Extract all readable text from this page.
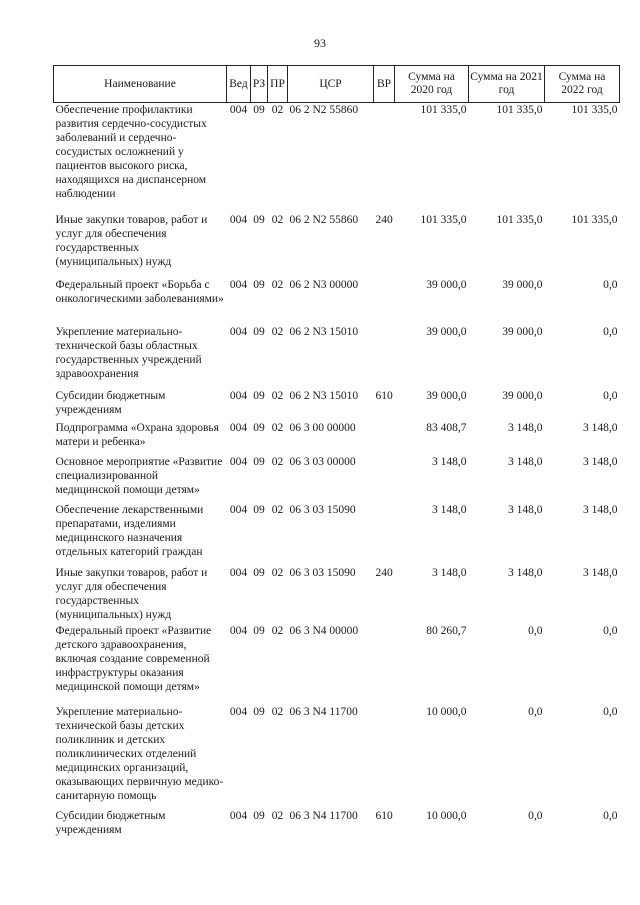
93
Наименование	Вед	РЗ	ПР	ЦСР	ВР	Сумма на 2020 год	Сумма на 2021 год	Сумма на 2022 год
Обеспечение профилактики развития сердечно-сосудистых заболеваний и сердечно-сосудистых осложнений у пациентов высокого риска, находящихся на диспансерном наблюдении	004	09	02	06 2 N2 55860		101 335,0	101 335,0	101 335,0
Иные закупки товаров, работ и услуг для обеспечения государственных (муниципальных) нужд	004	09	02	06 2 N2 55860	240	101 335,0	101 335,0	101 335,0
Федеральный проект «Борьба с онкологическими заболеваниями»	004	09	02	06 2 N3 00000		39 000,0	39 000,0	0,0
Укрепление материально-технической базы областных государственных учреждений здравоохранения	004	09	02	06 2 N3 15010		39 000,0	39 000,0	0,0
Субсидии бюджетным учреждениям	004	09	02	06 2 N3 15010	610	39 000,0	39 000,0	0,0
Подпрограмма «Охрана здоровья матери и ребенка»	004	09	02	06 3 00 00000		83 408,7	3 148,0	3 148,0
Основное мероприятие «Развитие специализированной медицинской помощи детям»	004	09	02	06 3 03 00000		3 148,0	3 148,0	3 148,0
Обеспечение лекарственными препаратами, изделиями медицинского назначения отдельных категорий граждан	004	09	02	06 3 03 15090		3 148,0	3 148,0	3 148,0
Иные закупки товаров, работ и услуг для обеспечения государственных (муниципальных) нужд	004	09	02	06 3 03 15090	240	3 148,0	3 148,0	3 148,0
Федеральный проект «Развитие детского здравоохранения, включая создание современной инфраструктуры оказания медицинской помощи детям»	004	09	02	06 3 N4 00000		80 260,7	0,0	0,0
Укрепление материально-технической базы детских поликлиник и детских поликлинических отделений медицинских организаций, оказывающих первичную медико-санитарную помощь	004	09	02	06 3 N4 11700		10 000,0	0,0	0,0
Субсидии бюджетным учреждениям	004	09	02	06 3 N4 11700	610	10 000,0	0,0	0,0
